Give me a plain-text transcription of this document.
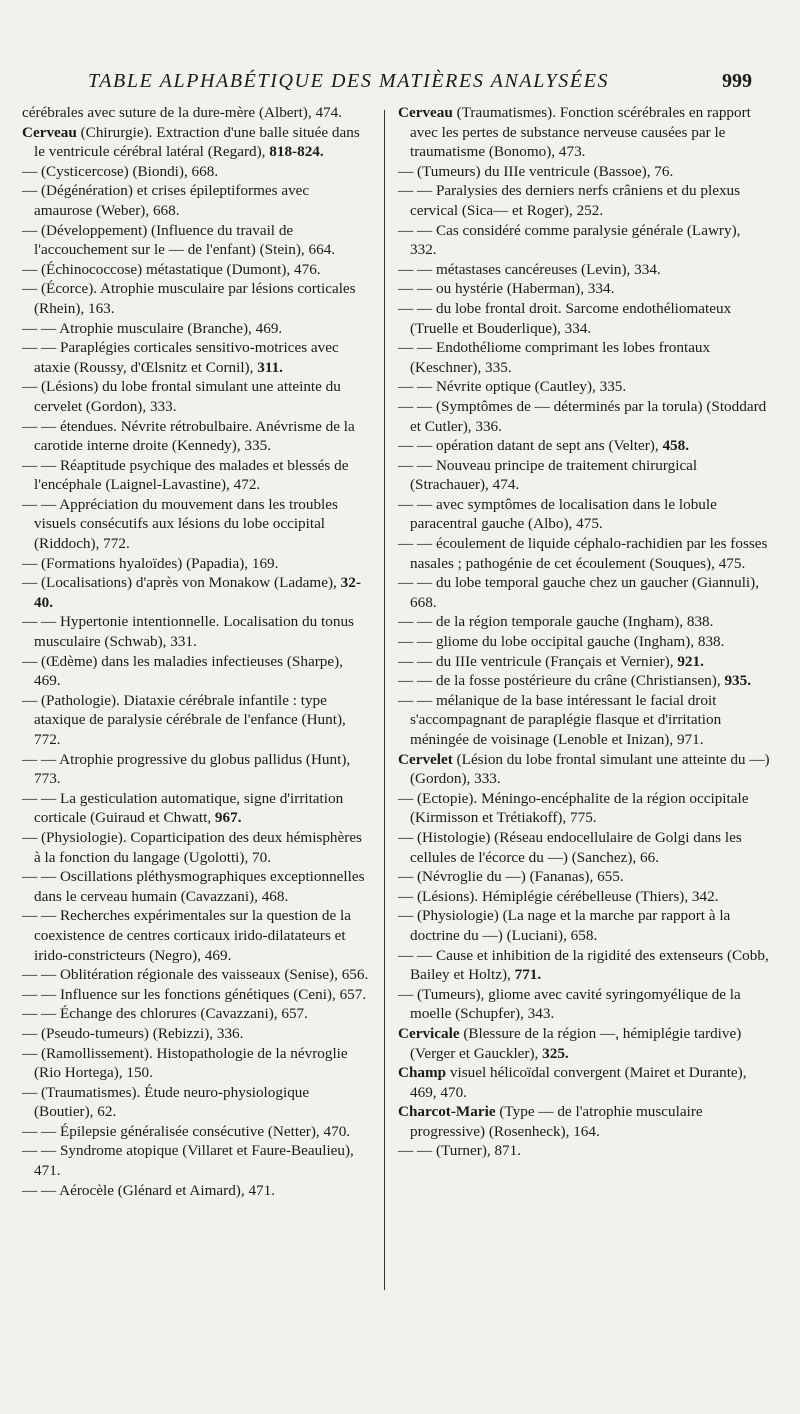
TABLE ALPHABÉTIQUE DES MATIÈRES ANALYSÉES	999

cérébrales avec suture de la dure-mère (Albert), 474.

Cerveau (Chirurgie). Extraction d'une balle située dans le ventricule cérébral latéral (Regard), 818-824.

— (Cysticercose) (Biondi), 668.

— (Dégénération) et crises épileptiformes avec amaurose (Weber), 668.

— (Développement) (Influence du travail de l'accouchement sur le — de l'enfant) (Stein), 664.

— (Échinococcose) métastatique (Dumont), 476.

— (Écorce). Atrophie musculaire par lésions corticales (Rhein), 163.

— — Atrophie musculaire (Branche), 469.

— — Paraplégies corticales sensitivo-motrices avec ataxie (Roussy, d'Œlsnitz et Cornil), 311.

— (Lésions) du lobe frontal simulant une atteinte du cervelet (Gordon), 333.

— — étendues. Névrite rétrobulbaire. Anévrisme de la carotide interne droite (Kennedy), 335.

— — Réaptitude psychique des malades et blessés de l'encéphale (Laignel-Lavastine), 472.

— — Appréciation du mouvement dans les troubles visuels consécutifs aux lésions du lobe occipital (Riddoch), 772.

— (Formations hyaloïdes) (Papadia), 169.

— (Localisations) d'après von Monakow (Ladame), 32-40.

— — Hypertonie intentionnelle. Localisation du tonus musculaire (Schwab), 331.

— (Œdème) dans les maladies infectieuses (Sharpe), 469.

— (Pathologie). Diataxie cérébrale infantile : type ataxique de paralysie cérébrale de l'enfance (Hunt), 772.

— — Atrophie progressive du globus pallidus (Hunt), 773.

— — La gesticulation automatique, signe d'irritation corticale (Guiraud et Chwatt, 967.

— (Physiologie). Coparticipation des deux hémisphères à la fonction du langage (Ugolotti), 70.

— — Oscillations pléthysmographiques exceptionnelles dans le cerveau humain (Cavazzani), 468.

— — Recherches expérimentales sur la question de la coexistence de centres corticaux irido-dilatateurs et irido-constricteurs (Negro), 469.

— — Oblitération régionale des vaisseaux (Senise), 656.

— — Influence sur les fonctions génétiques (Ceni), 657.

— — Échange des chlorures (Cavazzani), 657.

— (Pseudo-tumeurs) (Rebizzi), 336.

— (Ramollissement). Histopathologie de la névroglie (Rio Hortega), 150.

— (Traumatismes). Étude neuro-physiologique (Boutier), 62.

— — Épilepsie généralisée consécutive (Netter), 470.

— — Syndrome atopique (Villaret et Faure-Beaulieu), 471.

— — Aérocèle (Glénard et Aimard), 471.

Cerveau (Traumatismes). Fonction scérébrales en rapport avec les pertes de substance nerveuse causées par le traumatisme (Bonomo), 473.

— (Tumeurs) du IIIe ventricule (Bassoe), 76.

— — Paralysies des derniers nerfs crâniens et du plexus cervical (Sica— et Roger), 252.

— — Cas considéré comme paralysie générale (Lawry), 332.

— — métastases cancéreuses (Levin), 334.

— — ou hystérie (Haberman), 334.

— — du lobe frontal droit. Sarcome endothéliomateux (Truelle et Bouderlique), 334.

— — Endothéliome comprimant les lobes frontaux (Keschner), 335.

— — Névrite optique (Cautley), 335.

— — (Symptômes de — déterminés par la torula) (Stoddard et Cutler), 336.

— — opération datant de sept ans (Velter), 458.

— — Nouveau principe de traitement chirurgical (Strachauer), 474.

— — avec symptômes de localisation dans le lobule paracentral gauche (Albo), 475.

— — écoulement de liquide céphalo-rachidien par les fosses nasales ; pathogénie de cet écoulement (Souques), 475.

— — du lobe temporal gauche chez un gaucher (Giannuli), 668.

— — de la région temporale gauche (Ingham), 838.

— — gliome du lobe occipital gauche (Ingham), 838.

— — du IIIe ventricule (Français et Vernier), 921.

— — de la fosse postérieure du crâne (Christiansen), 935.

— — mélanique de la base intéressant le facial droit s'accompagnant de paraplégie flasque et d'irritation méningée de voisinage (Lenoble et Inizan), 971.

Cervelet (Lésion du lobe frontal simulant une atteinte du —) (Gordon), 333.

— (Ectopie). Méningo-encéphalite de la région occipitale (Kirmisson et Trétiakoff), 775.

— (Histologie) (Réseau endocellulaire de Golgi dans les cellules de l'écorce du —) (Sanchez), 66.

— (Névroglie du —) (Fananas), 655.

— (Lésions). Hémiplégie cérébelleuse (Thiers), 342.

— (Physiologie) (La nage et la marche par rapport à la doctrine du —) (Luciani), 658.

— — Cause et inhibition de la rigidité des extenseurs (Cobb, Bailey et Holtz), 771.

— (Tumeurs), gliome avec cavité syringomyélique de la moelle (Schupfer), 343.

Cervicale (Blessure de la région —, hémiplégie tardive) (Verger et Gauckler), 325.

Champ visuel hélicoïdal convergent (Mairet et Durante), 469, 470.

Charcot-Marie (Type — de l'atrophie musculaire progressive) (Rosenheck), 164.

— — (Turner), 871.
